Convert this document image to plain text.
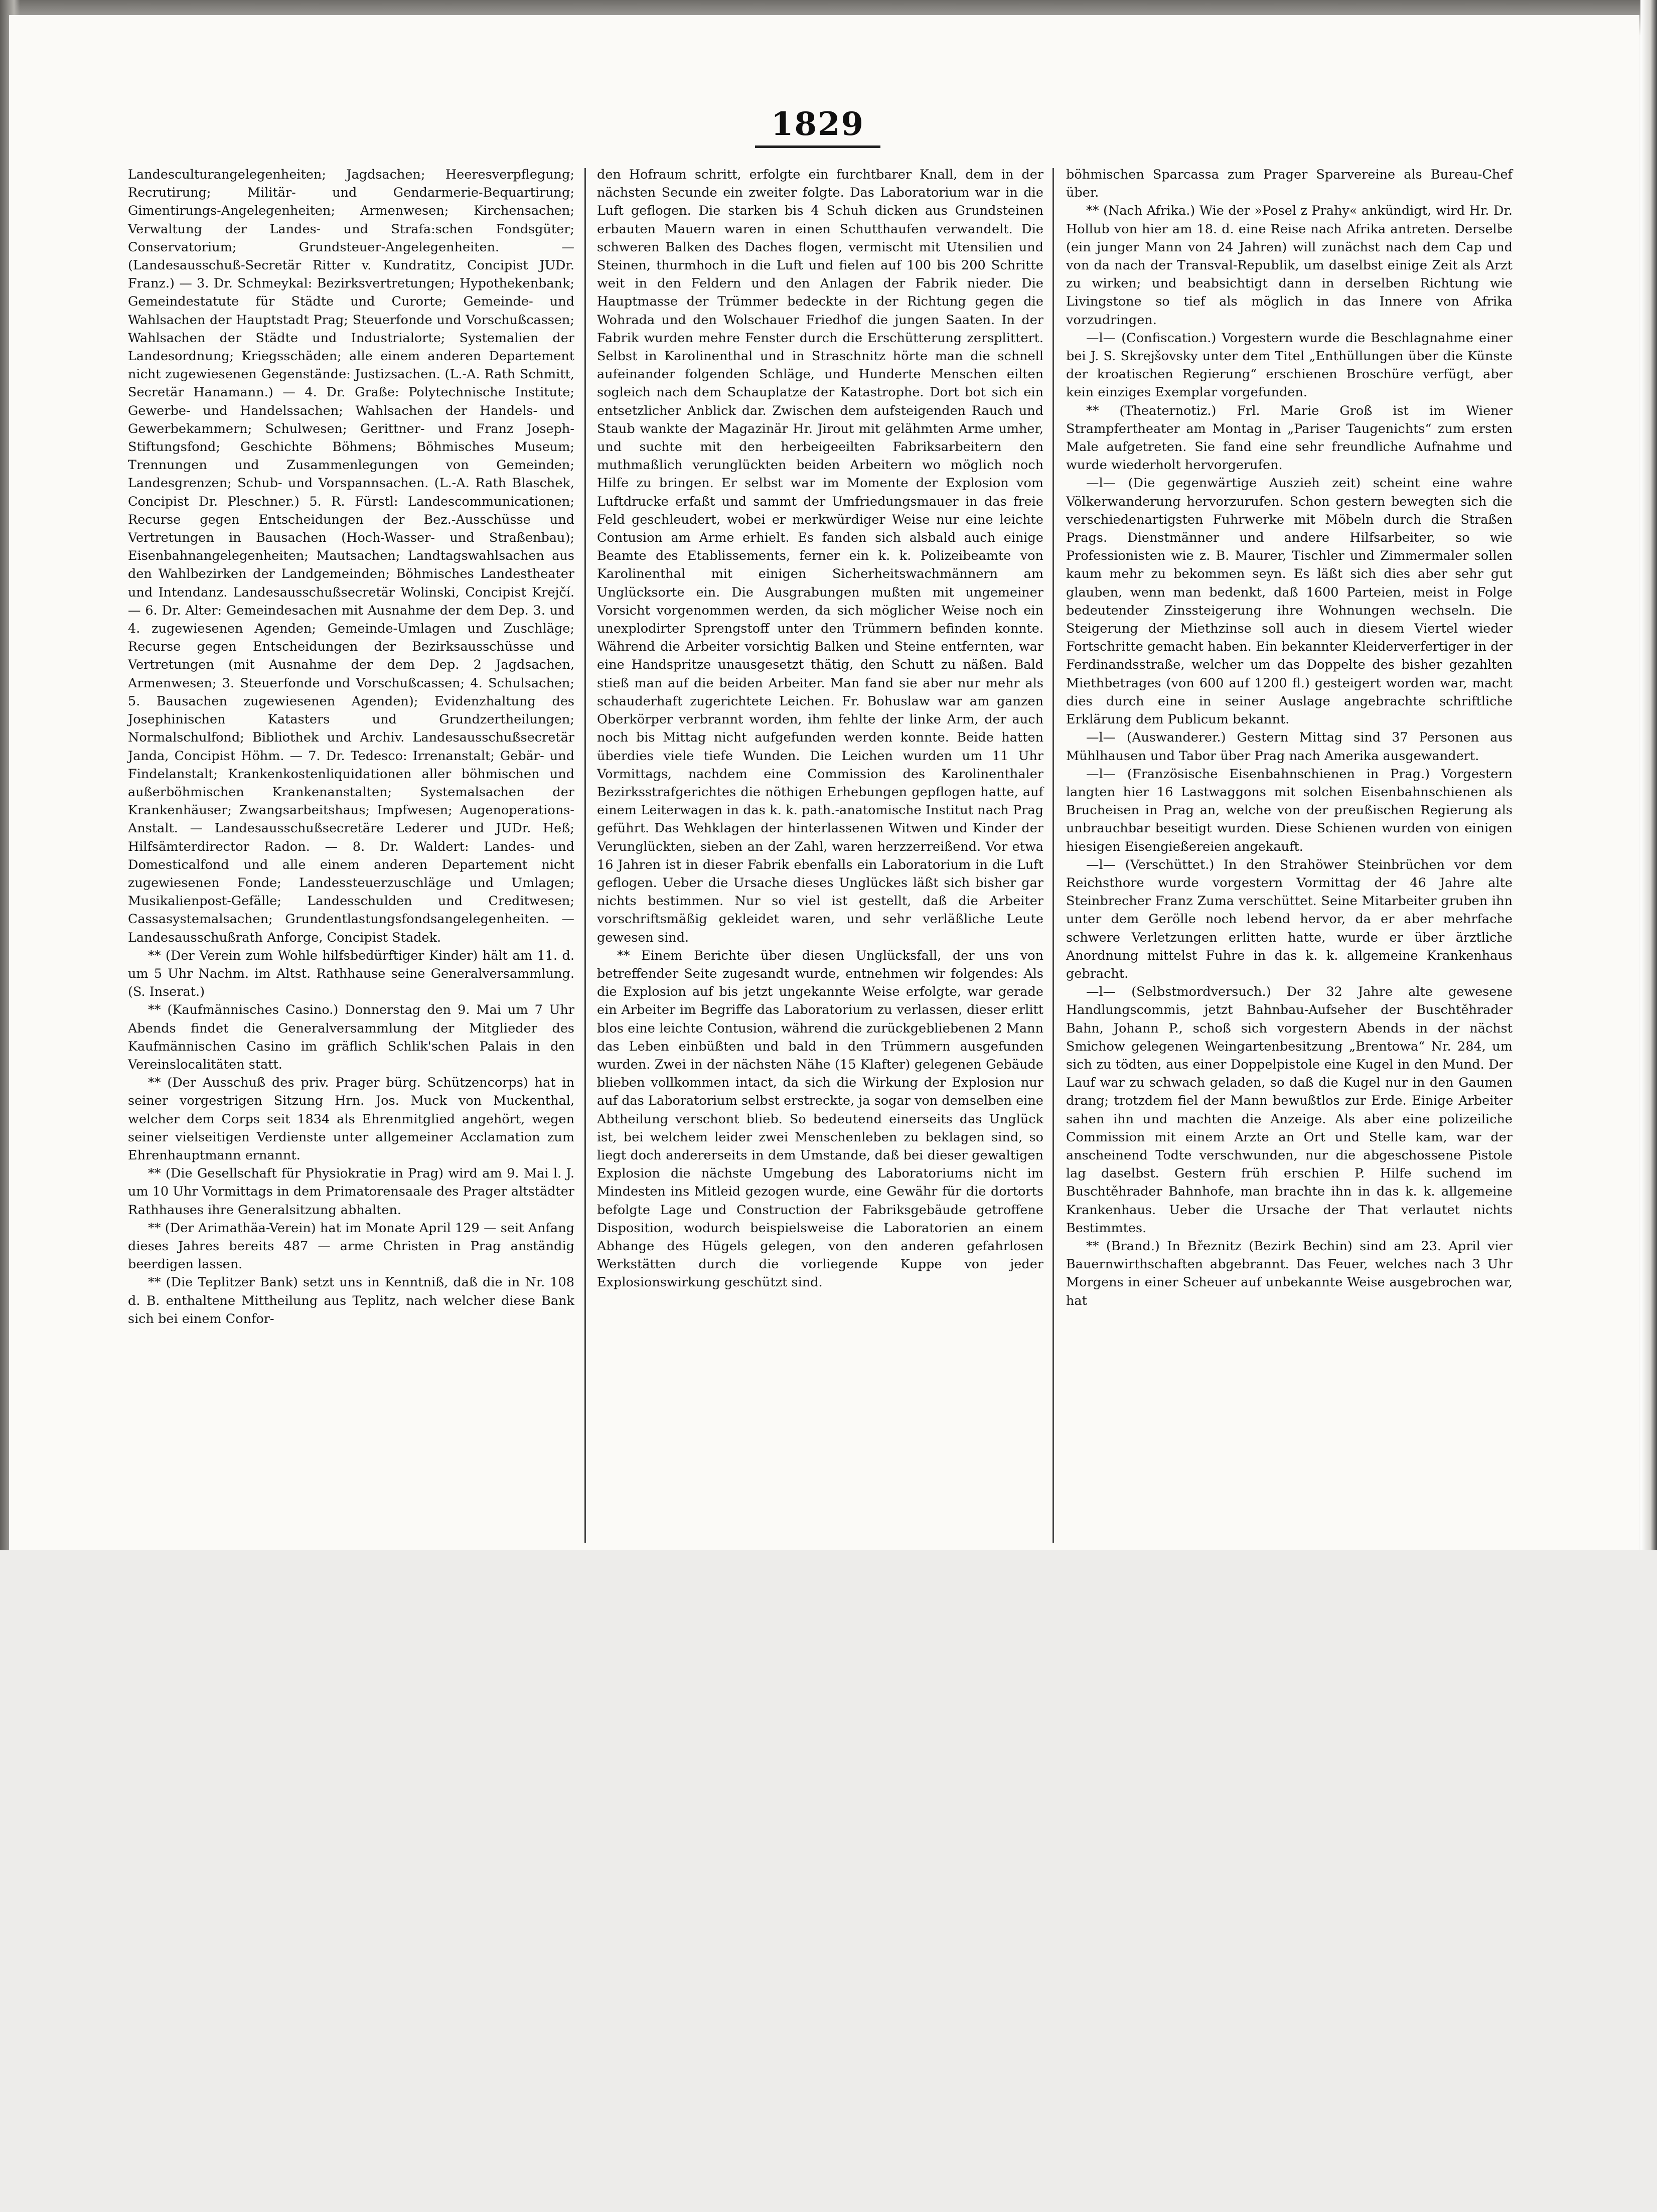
1829

Landesculturangelegenheiten; Jagdsachen; Heeresverpflegung; Recrutirung; Militär- und Gendarmerie-Bequartirung; Gimentirungs-Angelegenheiten; Armenwesen; Kirchensachen; Verwaltung der Landes- und Strafa:schen Fondsgüter; Conservatorium; Grundsteuer-Angelegenheiten. — (Landesausschuß-Secretär Ritter v. Kundratitz, Concipist JUDr. Franz.) — 3. Dr. Schmeykal: Bezirksvertretungen; Hypothekenbank; Gemeindestatute für Städte und Curorte; Gemeinde- und Wahlsachen der Hauptstadt Prag; Steuerfonde und Vorschußcassen; Wahlsachen der Städte und Industrialorte; Systemalien der Landesordnung; Kriegsschäden; alle einem anderen Departement nicht zugewiesenen Gegenstände: Justizsachen. (L.-A. Rath Schmitt, Secretär Hanamann.) — 4. Dr. Graße: Polytechnische Institute; Gewerbe- und Handelssachen; Wahlsachen der Handels- und Gewerbekammern; Schulwesen; Gerittner- und Franz Joseph-Stiftungsfond; Geschichte Böhmens; Böhmisches Museum; Trennungen und Zusammenlegungen von Gemeinden; Landesgrenzen; Schub- und Vorspannsachen. (L.-A. Rath Blaschek, Concipist Dr. Pleschner.) 5. R. Fürstl: Landescommunicationen; Recurse gegen Entscheidungen der Bez.-Ausschüsse und Vertretungen in Bausachen (Hoch-Wasser- und Straßenbau); Eisenbahnangelegenheiten; Mautsachen; Landtagswahlsachen aus den Wahlbezirken der Landgemeinden; Böhmisches Landestheater und Intendanz. Landesausschußsecretär Wolinski, Concipist Krejčí. — 6. Dr. Alter: Gemeindesachen mit Ausnahme der dem Dep. 3. und 4. zugewiesenen Agenden; Gemeinde-Umlagen und Zuschläge; Recurse gegen Entscheidungen der Bezirksausschüsse und Vertretungen (mit Ausnahme der dem Dep. 2 Jagdsachen, Armenwesen; 3. Steuerfonde und Vorschußcassen; 4. Schulsachen; 5. Bausachen zugewiesenen Agenden); Evidenzhaltung des Josephinischen Katasters und Grundzertheilungen; Normalschulfond; Bibliothek und Archiv. Landesausschußsecretär Janda, Concipist Höhm. — 7. Dr. Tedesco: Irrenanstalt; Gebär- und Findelanstalt; Krankenkostenliquidationen aller böhmischen und außerböhmischen Krankenanstalten; Systemalsachen der Krankenhäuser; Zwangsarbeitshaus; Impfwesen; Augenoperations-Anstalt. — Landesausschußsecretäre Lederer und JUDr. Heß; Hilfsämterdirector Radon. — 8. Dr. Waldert: Landes- und Domesticalfond und alle einem anderen Departement nicht zugewiesenen Fonde; Landessteuerzuschläge und Umlagen; Musikalienpost-Gefälle; Landesschulden und Creditwesen; Cassasystemalsachen; Grundentlastungsfondsangelegenheiten. — Landesausschußrath Anforge, Concipist Stadek.

** (Der Verein zum Wohle hilfsbedürftiger Kinder) hält am 11. d. um 5 Uhr Nachm. im Altst. Rathhause seine Generalversammlung. (S. Inserat.)

** (Kaufmännisches Casino.) Donnerstag den 9. Mai um 7 Uhr Abends findet die Generalversammlung der Mitglieder des Kaufmännischen Casino im gräflich Schlik'schen Palais in den Vereinslocalitäten statt.

** (Der Ausschuß des priv. Prager bürg. Schützencorps) hat in seiner vorgestrigen Sitzung Hrn. Jos. Muck von Muckenthal, welcher dem Corps seit 1834 als Ehrenmitglied angehört, wegen seiner vielseitigen Verdienste unter allgemeiner Acclamation zum Ehrenhauptmann ernannt.

** (Die Gesellschaft für Physiokratie in Prag) wird am 9. Mai l. J. um 10 Uhr Vormittags in dem Primatorensaale des Prager altstädter Rathhauses ihre Generalsitzung abhalten.

** (Der Arimathäa-Verein) hat im Monate April 129 — seit Anfang dieses Jahres bereits 487 — arme Christen in Prag anständig beerdigen lassen.

** (Die Teplitzer Bank) setzt uns in Kenntniß, daß die in Nr. 108 d. B. enthaltene Mittheilung aus Teplitz, nach welcher diese Bank sich bei einem Confor-

den Hofraum schritt, erfolgte ein furchtbarer Knall, dem in der nächsten Secunde ein zweiter folgte. Das Laboratorium war in die Luft geflogen. Die starken bis 4 Schuh dicken aus Grundsteinen erbauten Mauern waren in einen Schutthaufen verwandelt. Die schweren Balken des Daches flogen, vermischt mit Utensilien und Steinen, thurmhoch in die Luft und fielen auf 100 bis 200 Schritte weit in den Feldern und den Anlagen der Fabrik nieder. Die Hauptmasse der Trümmer bedeckte in der Richtung gegen die Wohrada und den Wolschauer Friedhof die jungen Saaten. In der Fabrik wurden mehre Fenster durch die Erschütterung zersplittert. Selbst in Karolinenthal und in Straschnitz hörte man die schnell aufeinander folgenden Schläge, und Hunderte Menschen eilten sogleich nach dem Schauplatze der Katastrophe. Dort bot sich ein entsetzlicher Anblick dar. Zwischen dem aufsteigenden Rauch und Staub wankte der Magazinär Hr. Jirout mit gelähmten Arme umher, und suchte mit den herbeigeeilten Fabriksarbeitern den muthmaßlich verunglückten beiden Arbeitern wo möglich noch Hilfe zu bringen. Er selbst war im Momente der Explosion vom Luftdrucke erfaßt und sammt der Umfriedungsmauer in das freie Feld geschleudert, wobei er merkwürdiger Weise nur eine leichte Contusion am Arme erhielt. Es fanden sich alsbald auch einige Beamte des Etablissements, ferner ein k. k. Polizeibeamte von Karolinenthal mit einigen Sicherheitswachmännern am Unglücksorte ein. Die Ausgrabungen mußten mit ungemeiner Vorsicht vorgenommen werden, da sich möglicher Weise noch ein unexplodirter Sprengstoff unter den Trümmern befinden konnte. Während die Arbeiter vorsichtig Balken und Steine entfernten, war eine Handspritze unausgesetzt thätig, den Schutt zu näßen. Bald stieß man auf die beiden Arbeiter. Man fand sie aber nur mehr als schauderhaft zugerichtete Leichen. Fr. Bohuslaw war am ganzen Oberkörper verbrannt worden, ihm fehlte der linke Arm, der auch noch bis Mittag nicht aufgefunden werden konnte. Beide hatten überdies viele tiefe Wunden. Die Leichen wurden um 11 Uhr Vormittags, nachdem eine Commission des Karolinenthaler Bezirksstrafgerichtes die nöthigen Erhebungen gepflogen hatte, auf einem Leiterwagen in das k. k. path.-anatomische Institut nach Prag geführt. Das Wehklagen der hinterlassenen Witwen und Kinder der Verunglückten, sieben an der Zahl, waren herzzerreißend. Vor etwa 16 Jahren ist in dieser Fabrik ebenfalls ein Laboratorium in die Luft geflogen. Ueber die Ursache dieses Unglückes läßt sich bisher gar nichts bestimmen. Nur so viel ist gestellt, daß die Arbeiter vorschriftsmäßig gekleidet waren, und sehr verläßliche Leute gewesen sind.

** Einem Berichte über diesen Unglücksfall, der uns von betreffender Seite zugesandt wurde, entnehmen wir folgendes: Als die Explosion auf bis jetzt ungekannte Weise erfolgte, war gerade ein Arbeiter im Begriffe das Laboratorium zu verlassen, dieser erlitt blos eine leichte Contusion, während die zurückgebliebenen 2 Mann das Leben einbüßten und bald in den Trümmern ausgefunden wurden. Zwei in der nächsten Nähe (15 Klafter) gelegenen Gebäude blieben vollkommen intact, da sich die Wirkung der Explosion nur auf das Laboratorium selbst erstreckte, ja sogar von demselben eine Abtheilung verschont blieb. So bedeutend einerseits das Unglück ist, bei welchem leider zwei Menschenleben zu beklagen sind, so liegt doch andererseits in dem Umstande, daß bei dieser gewaltigen Explosion die nächste Umgebung des Laboratoriums nicht im Mindesten ins Mitleid gezogen wurde, eine Gewähr für die dortorts befolgte Lage und Construction der Fabriksgebäude getroffene Disposition, wodurch beispielsweise die Laboratorien an einem Abhange des Hügels gelegen, von den anderen gefahrlosen Werkstätten durch die vorliegende Kuppe von jeder Explosionswirkung geschützt sind.

böhmischen Sparcassa zum Prager Sparvereine als Bureau-Chef über.

** (Nach Afrika.) Wie der »Posel z Prahy« ankündigt, wird Hr. Dr. Hollub von hier am 18. d. eine Reise nach Afrika antreten. Derselbe (ein junger Mann von 24 Jahren) will zunächst nach dem Cap und von da nach der Transval-Republik, um daselbst einige Zeit als Arzt zu wirken; und beabsichtigt dann in derselben Richtung wie Livingstone so tief als möglich in das Innere von Afrika vorzudringen.

—l— (Confiscation.) Vorgestern wurde die Beschlagnahme einer bei J. S. Skrejšovsky unter dem Titel „Enthüllungen über die Künste der kroatischen Regierung“ erschienen Broschüre verfügt, aber kein einziges Exemplar vorgefunden.

** (Theaternotiz.) Frl. Marie Groß ist im Wiener Strampfertheater am Montag in „Pariser Taugenichts“ zum ersten Male aufgetreten. Sie fand eine sehr freundliche Aufnahme und wurde wiederholt hervorgerufen.

—l— (Die gegenwärtige Auszieh zeit) scheint eine wahre Völkerwanderung hervorzurufen. Schon gestern bewegten sich die verschiedenartigsten Fuhrwerke mit Möbeln durch die Straßen Prags. Dienstmänner und andere Hilfsarbeiter, so wie Professionisten wie z. B. Maurer, Tischler und Zimmermaler sollen kaum mehr zu bekommen seyn. Es läßt sich dies aber sehr gut glauben, wenn man bedenkt, daß 1600 Parteien, meist in Folge bedeutender Zinssteigerung ihre Wohnungen wechseln. Die Steigerung der Miethzinse soll auch in diesem Viertel wieder Fortschritte gemacht haben. Ein bekannter Kleiderverfertiger in der Ferdinandsstraße, welcher um das Doppelte des bisher gezahlten Miethbetrages (von 600 auf 1200 fl.) gesteigert worden war, macht dies durch eine in seiner Auslage angebrachte schriftliche Erklärung dem Publicum bekannt.

—l— (Auswanderer.) Gestern Mittag sind 37 Personen aus Mühlhausen und Tabor über Prag nach Amerika ausgewandert.

—l— (Französische Eisenbahnschienen in Prag.) Vorgestern langten hier 16 Lastwaggons mit solchen Eisenbahnschienen als Brucheisen in Prag an, welche von der preußischen Regierung als unbrauchbar beseitigt wurden. Diese Schienen wurden von einigen hiesigen Eisengießereien angekauft.

—l— (Verschüttet.) In den Strahöwer Steinbrüchen vor dem Reichsthore wurde vorgestern Vormittag der 46 Jahre alte Steinbrecher Franz Zuma verschüttet. Seine Mitarbeiter gruben ihn unter dem Gerölle noch lebend hervor, da er aber mehrfache schwere Verletzungen erlitten hatte, wurde er über ärztliche Anordnung mittelst Fuhre in das k. k. allgemeine Krankenhaus gebracht.

—l— (Selbstmordversuch.) Der 32 Jahre alte gewesene Handlungscommis, jetzt Bahnbau-Aufseher der Buschtěhrader Bahn, Johann P., schoß sich vorgestern Abends in der nächst Smichow gelegenen Weingartenbesitzung „Brentowa“ Nr. 284, um sich zu tödten, aus einer Doppelpistole eine Kugel in den Mund. Der Lauf war zu schwach geladen, so daß die Kugel nur in den Gaumen drang; trotzdem fiel der Mann bewußtlos zur Erde. Einige Arbeiter sahen ihn und machten die Anzeige. Als aber eine polizeiliche Commission mit einem Arzte an Ort und Stelle kam, war der anscheinend Todte verschwunden, nur die abgeschossene Pistole lag daselbst. Gestern früh erschien P. Hilfe suchend im Buschtěhrader Bahnhofe, man brachte ihn in das k. k. allgemeine Krankenhaus. Ueber die Ursache der That verlautet nichts Bestimmtes.

** (Brand.) In Březnitz (Bezirk Bechin) sind am 23. April vier Bauernwirthschaften abgebrannt. Das Feuer, welches nach 3 Uhr Morgens in einer Scheuer auf unbekannte Weise ausgebrochen war, hat
